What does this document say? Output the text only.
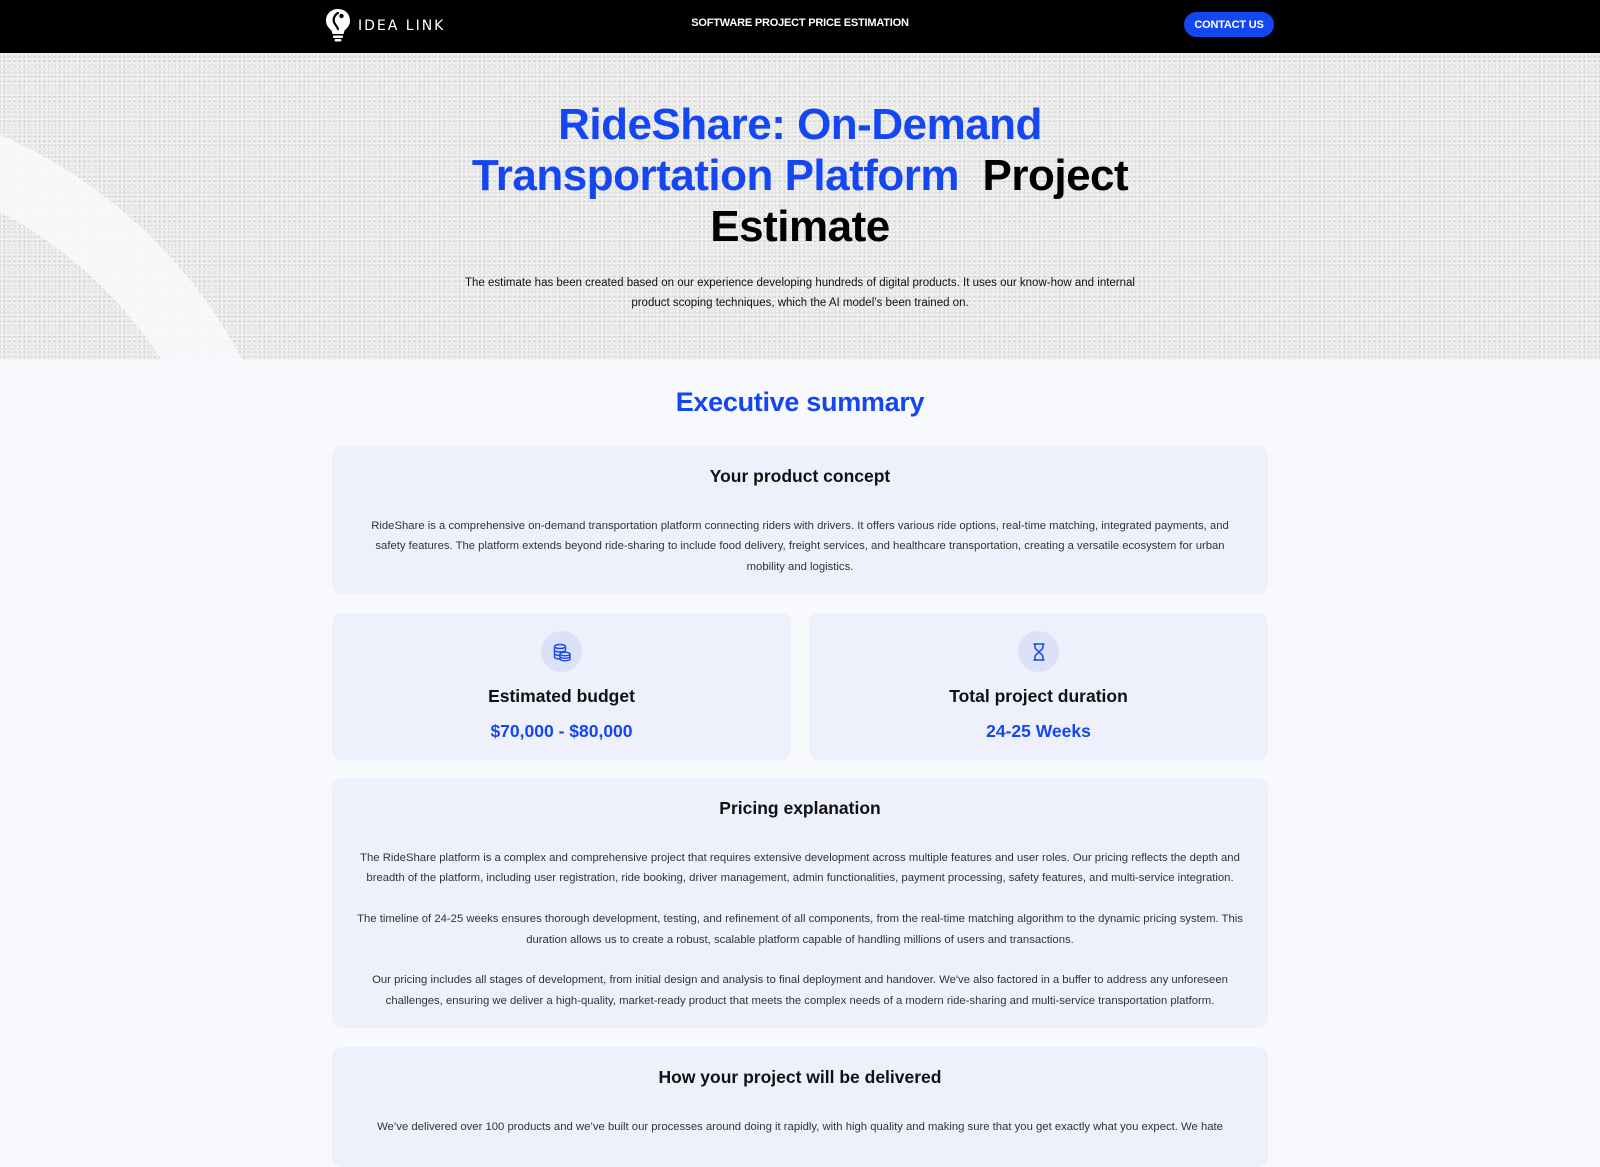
IDEA LINK	SOFTWARE PROJECT PRICE ESTIMATION	CONTACT US
RideShare: On-Demand
Transportation Platform Project
Estimate

The estimate has been created based on our experience developing hundreds of digital products. It uses our know-how and internal
product scoping techniques, which the AI model’s been trained on.

Executive summary
Your product concept

RideShare is a comprehensive on-demand transportation platform connecting riders with drivers. It offers various ride options, real-time matching, integrated payments, and safety features. The platform extends beyond ride-sharing to include food delivery, freight services, and healthcare transportation, creating a versatile ecosystem for urban mobility and logistics.

Estimated budget
$70,000 - $80,000
Total project duration
24-25 Weeks
Pricing explanation

The RideShare platform is a complex and comprehensive project that requires extensive development across multiple features and user roles. Our pricing reflects the depth and breadth of the platform, including user registration, ride booking, driver management, admin functionalities, payment processing, safety features, and multi-service integration.

The timeline of 24-25 weeks ensures thorough development, testing, and refinement of all components, from the real-time matching algorithm to the dynamic pricing system. This duration allows us to create a robust, scalable platform capable of handling millions of users and transactions.

Our pricing includes all stages of development, from initial design and analysis to final deployment and handover. We've also factored in a buffer to address any unforeseen challenges, ensuring we deliver a high-quality, market-ready product that meets the complex needs of a modern ride-sharing and multi-service transportation platform.

How your project will be delivered

We’ve delivered over 100 products and we’ve built our processes around doing it rapidly, with high quality and making sure that you get exactly what you expect. We hate
